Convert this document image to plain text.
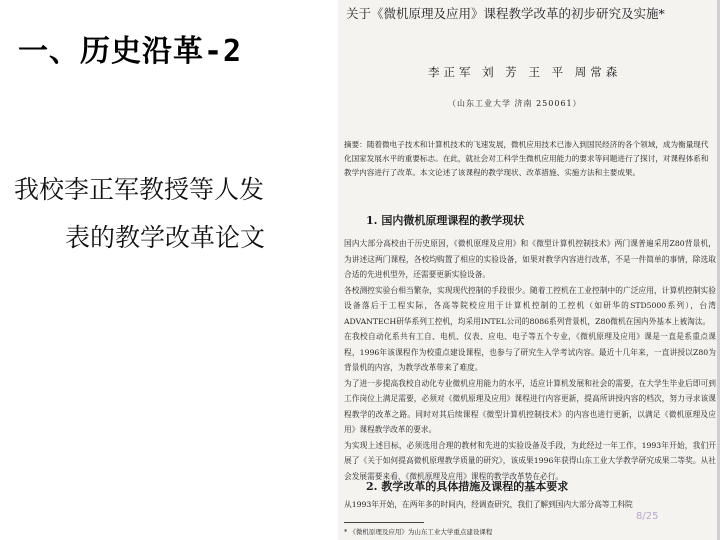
一、历史沿革-2
我校李正军教授等人发
表的教学改革论文
关于《微机原理及应用》课程教学改革的初步研究及实施*
李正军 刘 芳 王 平 周常森
（山东工业大学 济南 250061）
摘要：随着微电子技术和计算机技术的飞速发展，微机应用技术已渗入到国民经济的各个领域，成为衡量现代化国家发展水平的重要标志。在此，就社会对工科学生微机应用能力的要求等问题进行了探讨，对课程体系和教学内容进行了改革。本文论述了该课程的教学现状、改革措施、实施方法和主要成果。
1. 国内微机原理课程的教学现状

国内大部分高校由于历史原因，《微机原理及应用》和《微型计算机控制技术》两门课普遍采用Z80背景机，为讲述这两门课程，各校均购置了相应的实验设备，如果对教学内容进行改革，不是一件简单的事情，除选取合适的先进机型外，还需要更新实验设备。

各校测控实验台相当繁杂，实现现代控制的手段很少。随着工控机在工业控制中的广泛应用，计算机控制实验设备落后于工程实际，各高等院校应用于计算机控制的工控机（如研华的STD5000系列），台湾ADVANTECH研华系列工控机，均采用INTEL公司的8086系列背景机，Z80微机在国内外基本上被淘汰。

在我校自动化系共有工自、电机、仪表、应电、电子等五个专业，《微机原理及应用》课是一直是系重点课程，1996年该课程作为校重点建设课程，也参与了研究生入学考试内容。最近十几年来，一直讲授以Z80为背景机的内容，为教学改革带来了难度。

为了进一步提高我校自动化专业微机应用能力的水平，适应计算机发展和社会的需要，在大学生毕业后即可到工作岗位上满足需要，必须对《微机原理及应用》课程进行内容更新，提高所讲授内容的档次，努力寻求该课程教学的改革之路。同时对其后续课程《微型计算机控制技术》的内容也进行更新，以满足《微机原理及应用》课程教学改革的要求。

为实现上述目标，必须选用合理的教材和先进的实验设备及手段，为此经过一年工作，1993年开始，我们开展了《关于如何提高微机原理教学质量的研究》，该成果1996年获得山东工业大学教学研究成果二等奖。从社会发展需要来看，《微机原理及应用》课程的教学改革势在必行。

2. 教学改革的具体措施及课程的基本要求
从1993年开始，在两年多的时间内，经调查研究，我们了解到国内大部分高等工科院
* 《微机原理及应用》为山东工业大学重点建设课程
8/25
